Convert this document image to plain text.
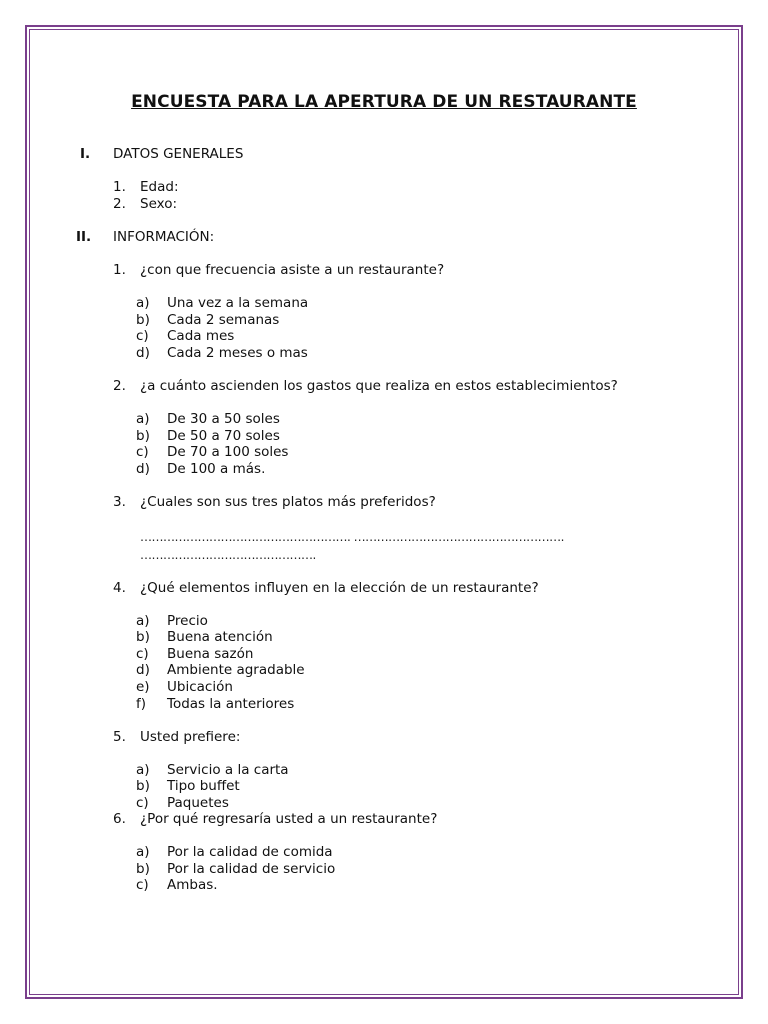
ENCUESTA PARA LA APERTURA DE UN RESTAURANTE
I. DATOS GENERALES
1. Edad:
2. Sexo:
II. INFORMACIÓN:
1. ¿con que frecuencia asiste a un restaurante?
a) Una vez a la semana
b) Cada 2 semanas
c) Cada mes
d) Cada 2 meses o mas
2. ¿a cuánto ascienden los gastos que realiza en estos establecimientos?
a) De 30 a 50 soles
b) De 50 a 70 soles
c) De 70 a 100 soles
d) De 100 a más.
3. ¿Cuales son sus tres platos más preferidos?
………………………………………………. ……………………………………………….
……………………………………….
4. ¿Qué elementos influyen en la elección de un restaurante?
a) Precio
b) Buena atención
c) Buena sazón
d) Ambiente agradable
e) Ubicación
f) Todas la anteriores
5. Usted prefiere:
a) Servicio a la carta
b) Tipo buffet
c) Paquetes
6. ¿Por qué regresaría usted a un restaurante?
a) Por la calidad de comida
b) Por la calidad de servicio
c) Ambas.
